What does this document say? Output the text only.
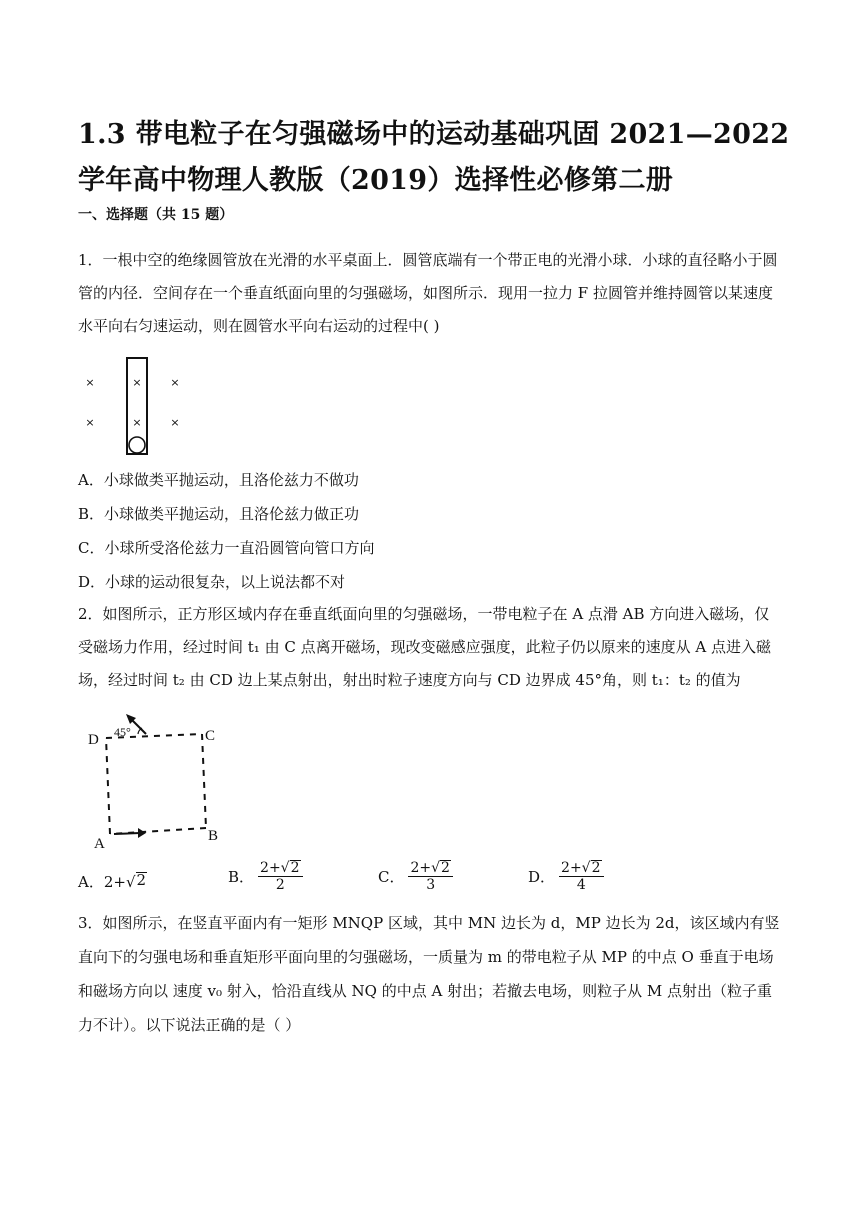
1.3 带电粒子在匀强磁场中的运动基础巩固 2021—2022 学年高中物理人教版（2019）选择性必修第二册
一、选择题（共 15 题）
1．一根中空的绝缘圆管放在光滑的水平桌面上．圆管底端有一个带正电的光滑小球．小球的直径略小于圆管的内径．空间存在一个垂直纸面向里的匀强磁场，如图所示．现用一拉力 F 拉圆管并维持圆管以某速度水平向右匀速运动，则在圆管水平向右运动的过程中( )
×
×
×
×
×
×
A．小球做类平抛运动，且洛伦兹力不做功
B．小球做类平抛运动，且洛伦兹力做正功
C．小球所受洛伦兹力一直沿圆管向管口方向
D．小球的运动很复杂，以上说法都不对
2．如图所示，正方形区域内存在垂直纸面向里的匀强磁场，一带电粒子在 A 点滑 AB 方向进入磁场，仅受磁场力作用，经过时间 t₁ 由 C 点离开磁场，现改变磁感应强度，此粒子仍以原来的速度从 A 点进入磁场，经过时间 t₂ 由 CD 边上某点射出，射出时粒子速度方向与 CD 边界成 45°角，则 t₁：t₂ 的值为
D	C
A	B
45°
A． 2+ √ 2	B． $\frac{2+√ 2}{2}$	C． $\frac{2+√ 2}{3}$	D． $\frac{2+√ 2}{4}$
3．如图所示，在竖直平面内有一矩形 MNQP 区域，其中 MN 边长为 d，MP 边长为 2d，该区域内有竖直向下的匀强电场和垂直矩形平面向里的匀强磁场，一质量为 m 的带电粒子从 MP 的中点 O 垂直于电场和磁场方向以 速度 v₀ 射入，恰沿直线从 NQ 的中点 A 射出；若撤去电场，则粒子从 M 点射出（粒子重力不计）。以下说法正确的是（ ）
